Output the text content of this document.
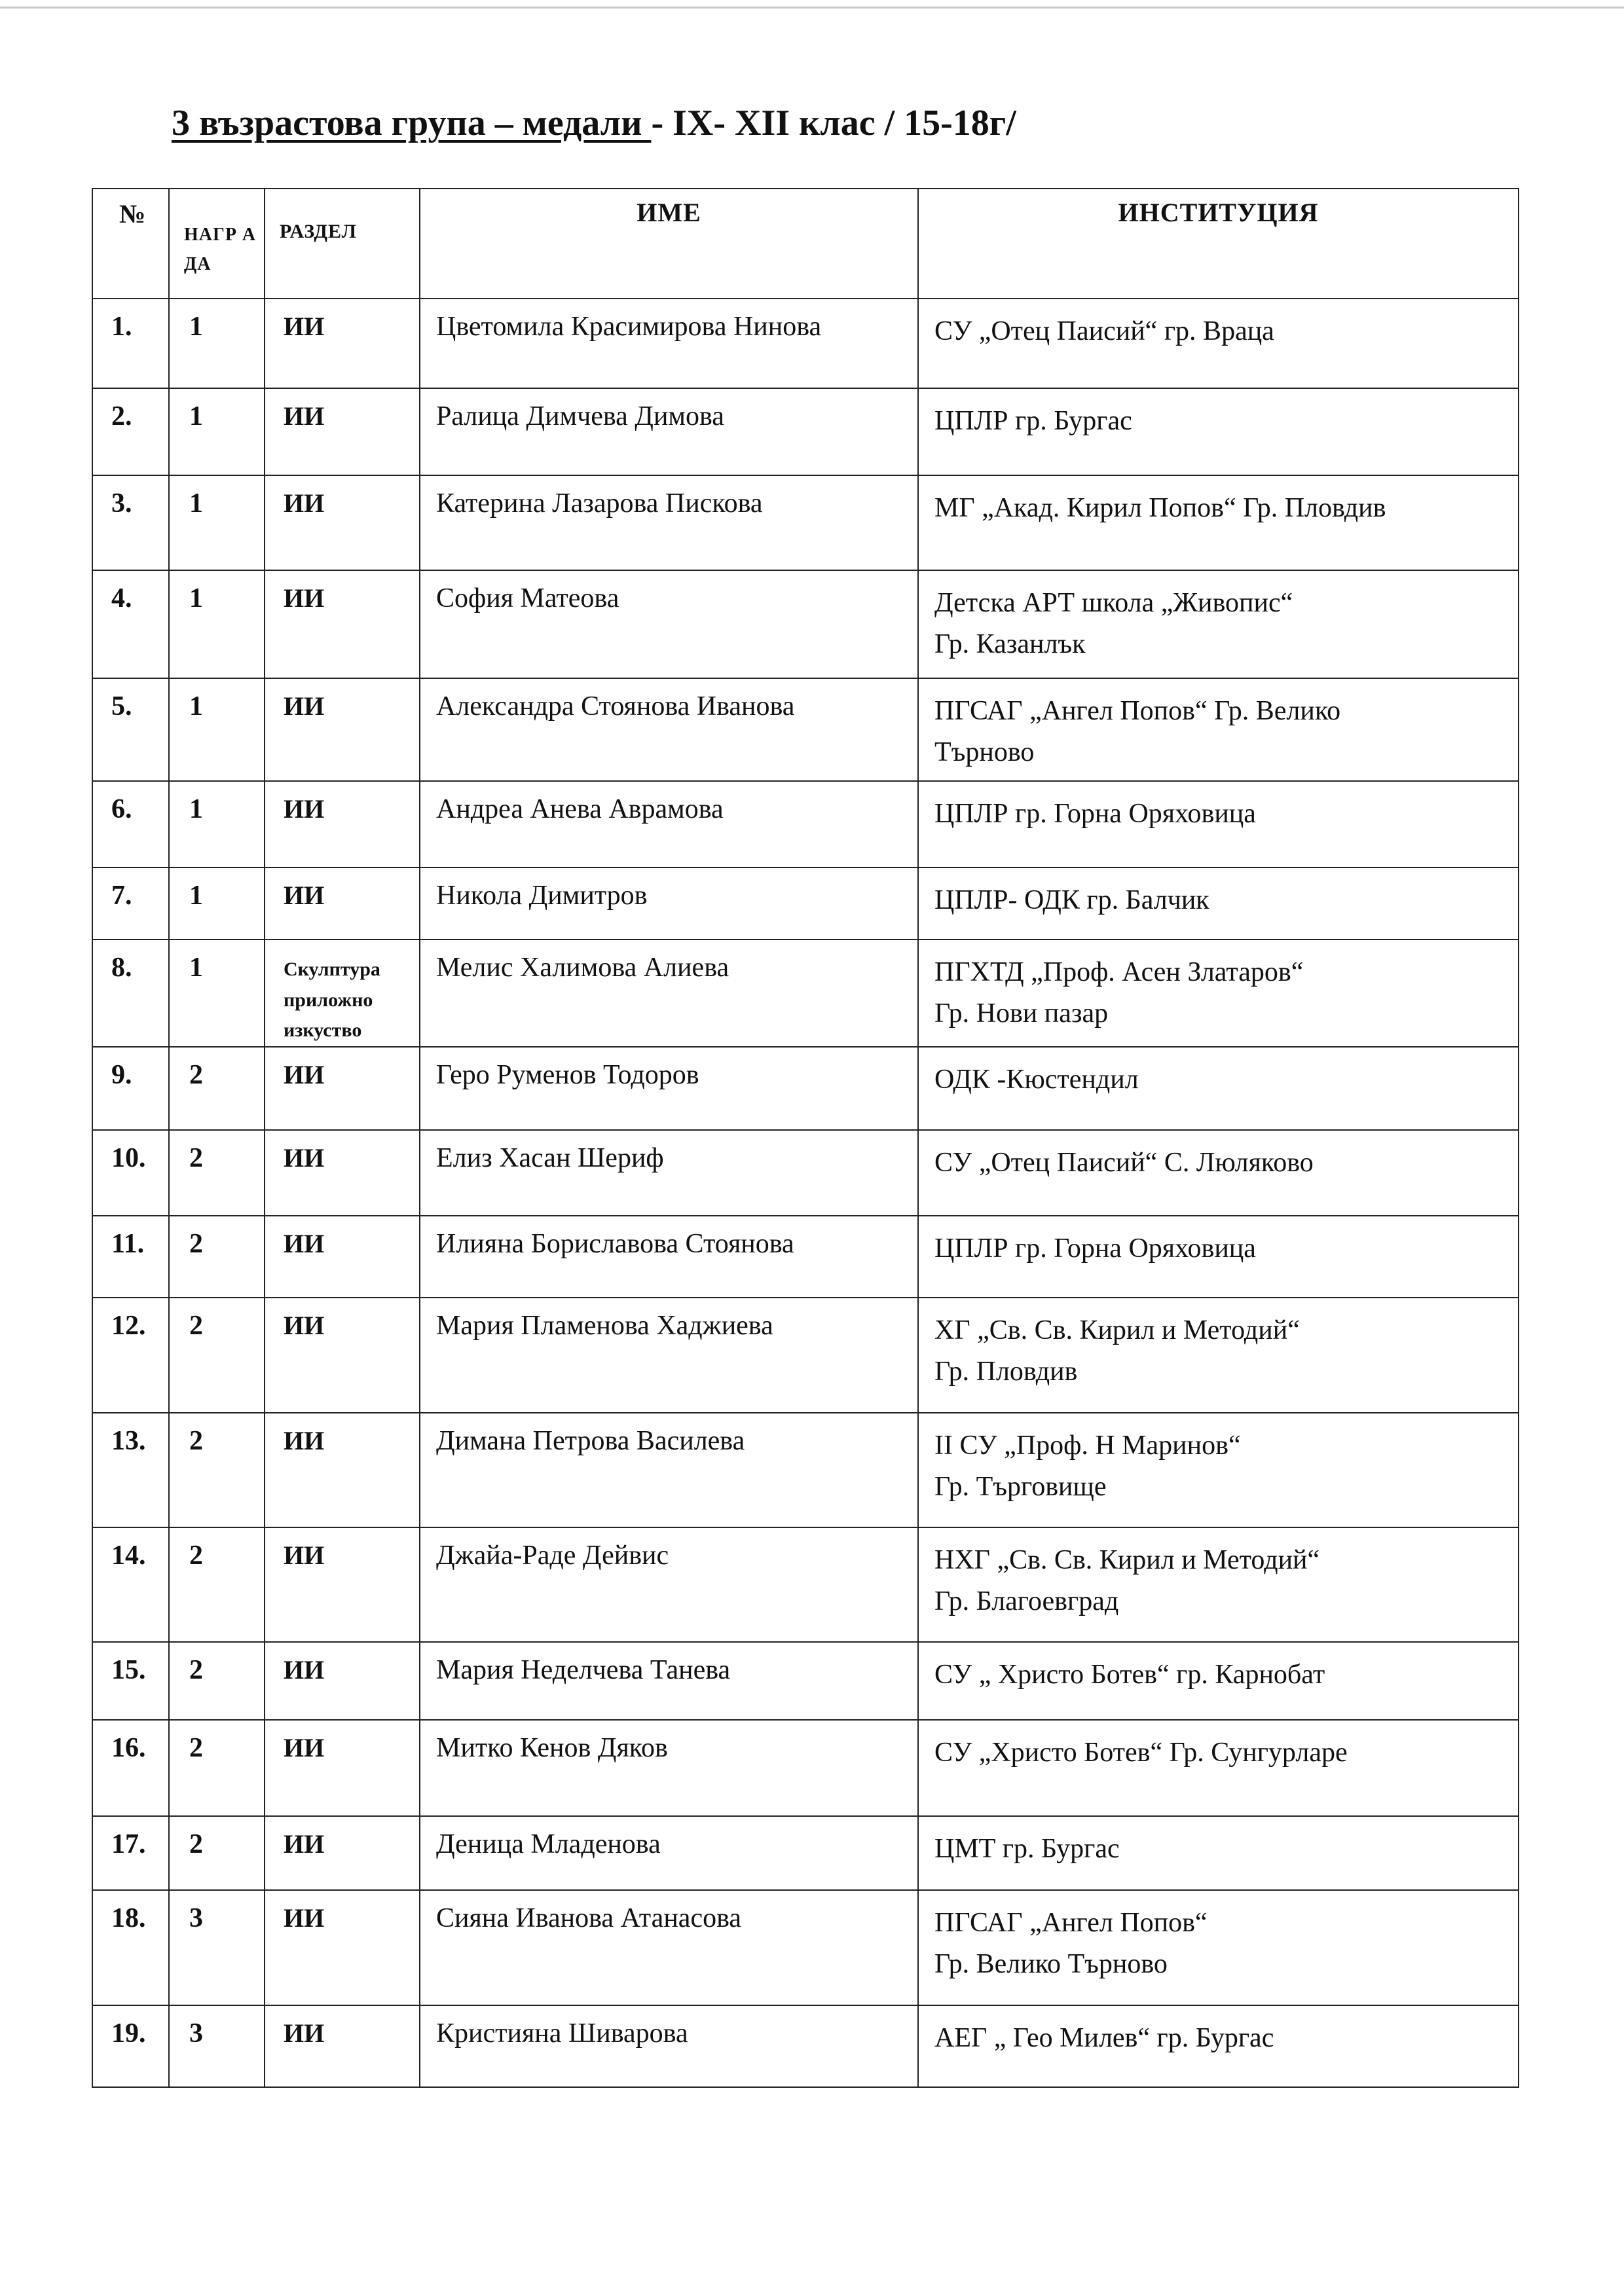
3 възрастова група – медали - IX- XII клас / 15-18г/
№	НАГР А ДА	РАЗДЕЛ	ИМЕ	ИНСТИТУЦИЯ
1.	1	ИИ	Цветомила Красимирова Нинова	СУ „Отец Паисий“ гр. Враца

2.	1	ИИ	Ралица Димчева Димова	ЦПЛР гр. Бургас

3.	1	ИИ	Катерина Лазарова Пискова	МГ „Акад. Кирил Попов“ Гр. Пловдив

4.	1	ИИ	София Матеова	Детска АРТ школа „Живопис“
Гр. Казанлък

5.	1	ИИ	Александра Стоянова Иванова	ПГСАГ „Ангел Попов“ Гр. Велико
Търново

6.	1	ИИ	Андреа Анева Аврамова	ЦПЛР гр. Горна Оряховица

7.	1	ИИ	Никола Димитров	ЦПЛР- ОДК гр. Балчик

8.	1	Скулптура приложно изкуство	Мелис Халимова Алиева	ПГХТД „Проф. Асен Златаров“
Гр. Нови пазар

9.	2	ИИ	Геро Руменов Тодоров	ОДК -Кюстендил

10.	2	ИИ	Елиз Хасан Шериф	СУ „Отец Паисий“ С. Люляково

11.	2	ИИ	Илияна Бориславова Стоянова	ЦПЛР гр. Горна Оряховица

12.	2	ИИ	Мария Пламенова Хаджиева	ХГ „Св. Св. Кирил и Методий“
Гр. Пловдив

13.	2	ИИ	Димана Петрова Василева	II СУ „Проф. Н Маринов“
Гр. Търговище

14.	2	ИИ	Джайа-Раде Дейвис	НХГ „Св. Св. Кирил и Методий“
Гр. Благоевград

15.	2	ИИ	Мария Неделчева Танева	СУ „ Христо Ботев“ гр. Карнобат

16.	2	ИИ	Митко Кенов Дяков	СУ „Христо Ботев“ Гр. Сунгурларе

17.	2	ИИ	Деница Младенова	ЦМТ гр. Бургас

18.	3	ИИ	Сияна Иванова Атанасова	ПГСАГ „Ангел Попов“
Гр. Велико Търново

19.	3	ИИ	Кристияна Шиварова	АЕГ „ Гео Милев“ гр. Бургас
